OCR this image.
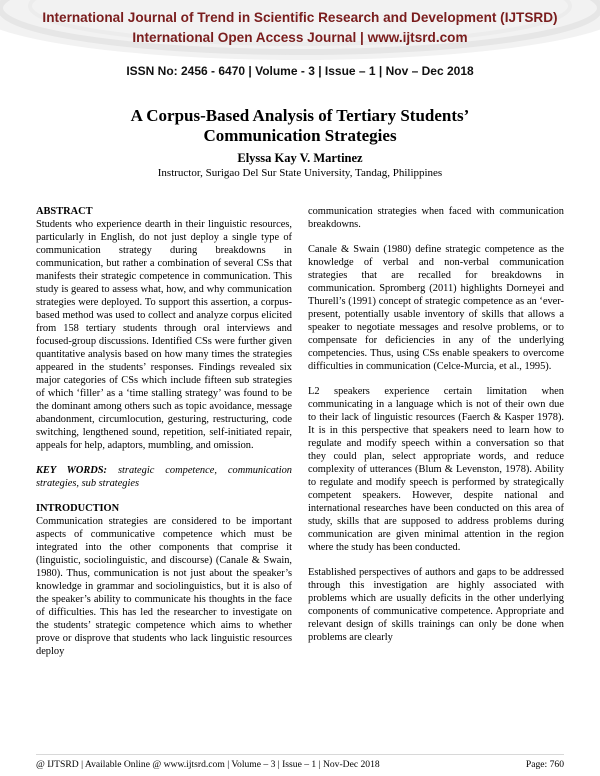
International Journal of Trend in Scientific Research and Development (IJTSRD)
International Open Access Journal | www.ijtsrd.com
ISSN No: 2456 - 6470 | Volume - 3 | Issue – 1 | Nov – Dec 2018
A Corpus-Based Analysis of Tertiary Students’
Communication Strategies
Elyssa Kay V. Martinez
Instructor, Surigao Del Sur State University, Tandag, Philippines
ABSTRACT

Students who experience dearth in their linguistic resources, particularly in English, do not just deploy a single type of communication strategy during breakdowns in communication, but rather a combination of several CSs that manifests their strategic competence in communication. This study is geared to assess what, how, and why communication strategies were deployed. To support this assertion, a corpus-based method was used to collect and analyze corpus elicited from 158 tertiary students through oral interviews and focused-group discussions. Identified CSs were further given quantitative analysis based on how many times the strategies appeared in the students’ responses. Findings revealed six major categories of CSs which include fifteen sub strategies of which ‘filler’ as a ‘time stalling strategy’ was found to be the dominant among others such as topic avoidance, message abandonment, circumlocution, gesturing, restructuring, code switching, lengthened sound, repetition, self-initiated repair, appeals for help, adaptors, mumbling, and omission.

KEY WORDS: strategic competence, communication strategies, sub strategies

INTRODUCTION

Communication strategies are considered to be important aspects of communicative competence which must be integrated into the other components that comprise it (linguistic, sociolinguistic, and discourse) (Canale & Swain, 1980). Thus, communication is not just about the speaker’s knowledge in grammar and sociolinguistics, but it is also of the speaker’s ability to communicate his thoughts in the face of difficulties. This has led the researcher to investigate on the students’ strategic competence which aims to whether prove or disprove that students who lack linguistic resources deploy

communication strategies when faced with communication breakdowns.

Canale & Swain (1980) define strategic competence as the knowledge of verbal and non-verbal communication strategies that are recalled for breakdowns in communication. Spromberg (2011) highlights Dorneyei and Thurell’s (1991) concept of strategic competence as an ‘ever-present, potentially usable inventory of skills that allows a speaker to negotiate messages and resolve problems, or to compensate for deficiencies in any of the underlying competencies. Thus, using CSs enable speakers to overcome difficulties in communication (Celce-Murcia, et al., 1995).

L2 speakers experience certain limitation when communicating in a language which is not of their own due to their lack of linguistic resources (Faerch & Kasper 1978). It is in this perspective that speakers need to learn how to regulate and modify speech within a conversation so that they could plan, select appropriate words, and reduce complexity of utterances (Blum & Levenston, 1978). Ability to regulate and modify speech is performed by strategically competent speakers. However, despite national and international researches have been conducted on this area of study, skills that are supposed to address problems during communication are given minimal attention in the region where the study has been conducted.

Established perspectives of authors and gaps to be addressed through this investigation are highly associated with problems which are usually deficits in the other underlying components of communicative competence. Appropriate and relevant design of skills trainings can only be done when problems are clearly

@ IJTSRD | Available Online @ www.ijtsrd.com | Volume – 3 | Issue – 1 | Nov-Dec 2018	Page: 760
